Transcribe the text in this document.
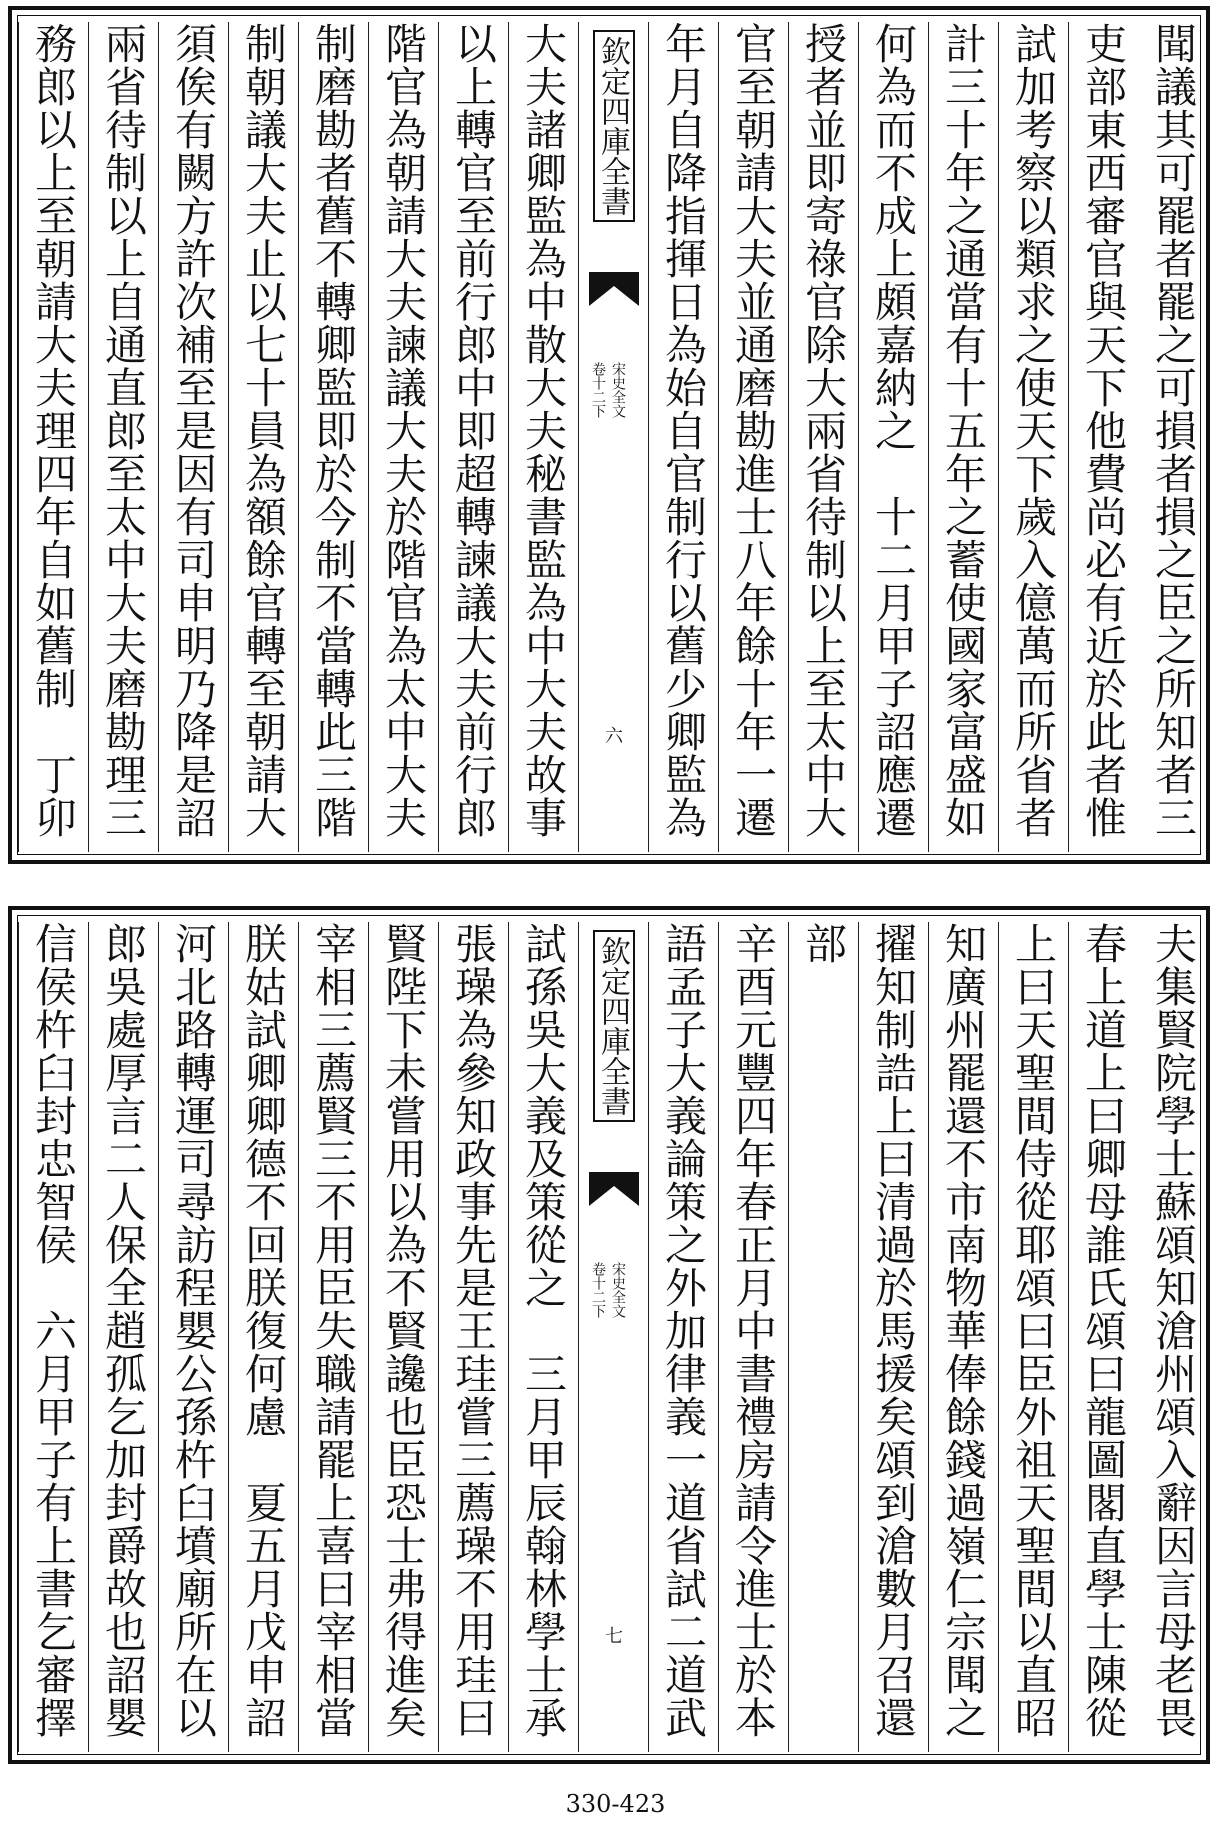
聞議其可罷者罷之可損者損之臣之所知者三
吏部東西審官與天下他費尚必有近於此者惟
試加考察以類求之使天下歲入億萬而所省者
計三十年之通當有十五年之蓄使國家富盛如
何為而不成上頗嘉納之　十二月甲子詔應遷
授者並即寄祿官除大兩省待制以上至太中大
官至朝請大夫並通磨勘進士八年餘十年一遷
年月自降指揮日為始自官制行以舊少卿監為
欽定四庫全書
宋史全文
卷十二下
六
大夫諸卿監為中散大夫秘書監為中大夫故事
以上轉官至前行郎中即超轉諫議大夫前行郎
階官為朝請大夫諫議大夫於階官為太中大夫
制磨勘者舊不轉卿監即於今制不當轉此三階
制朝議大夫止以七十員為額餘官轉至朝請大
須俟有闕方許次補至是因有司申明乃降是詔
兩省待制以上自通直郎至太中大夫磨勘理三
務郎以上至朝請大夫理四年自如舊制　丁卯
夫集賢院學士蘇頌知滄州頌入辭因言母老畏
春上道上曰卿母誰氏頌曰龍圖閣直學士陳從
上曰天聖間侍從耶頌曰臣外祖天聖間以直昭
知廣州罷還不市南物華俸餘錢過嶺仁宗聞之
擢知制誥上曰清過於馬援矣頌到滄數月召還
部
辛酉元豐四年春正月中書禮房請令進士於本
語孟子大義論策之外加律義一道省試二道武
欽定四庫全書
宋史全文
卷十二下
七
試孫吳大義及策從之　三月甲辰翰林學士承
張璪為參知政事先是王珪嘗三薦璪不用珪曰
賢陛下未嘗用以為不賢讒也臣恐士弗得進矣
宰相三薦賢三不用臣失職請罷上喜曰宰相當
朕姑試卿卿德不回朕復何慮　夏五月戊申詔
河北路轉運司尋訪程嬰公孫杵臼墳廟所在以
郎吳處厚言二人保全趙孤乞加封爵故也詔嬰
信侯杵臼封忠智侯　六月甲子有上書乞審擇
330-423
